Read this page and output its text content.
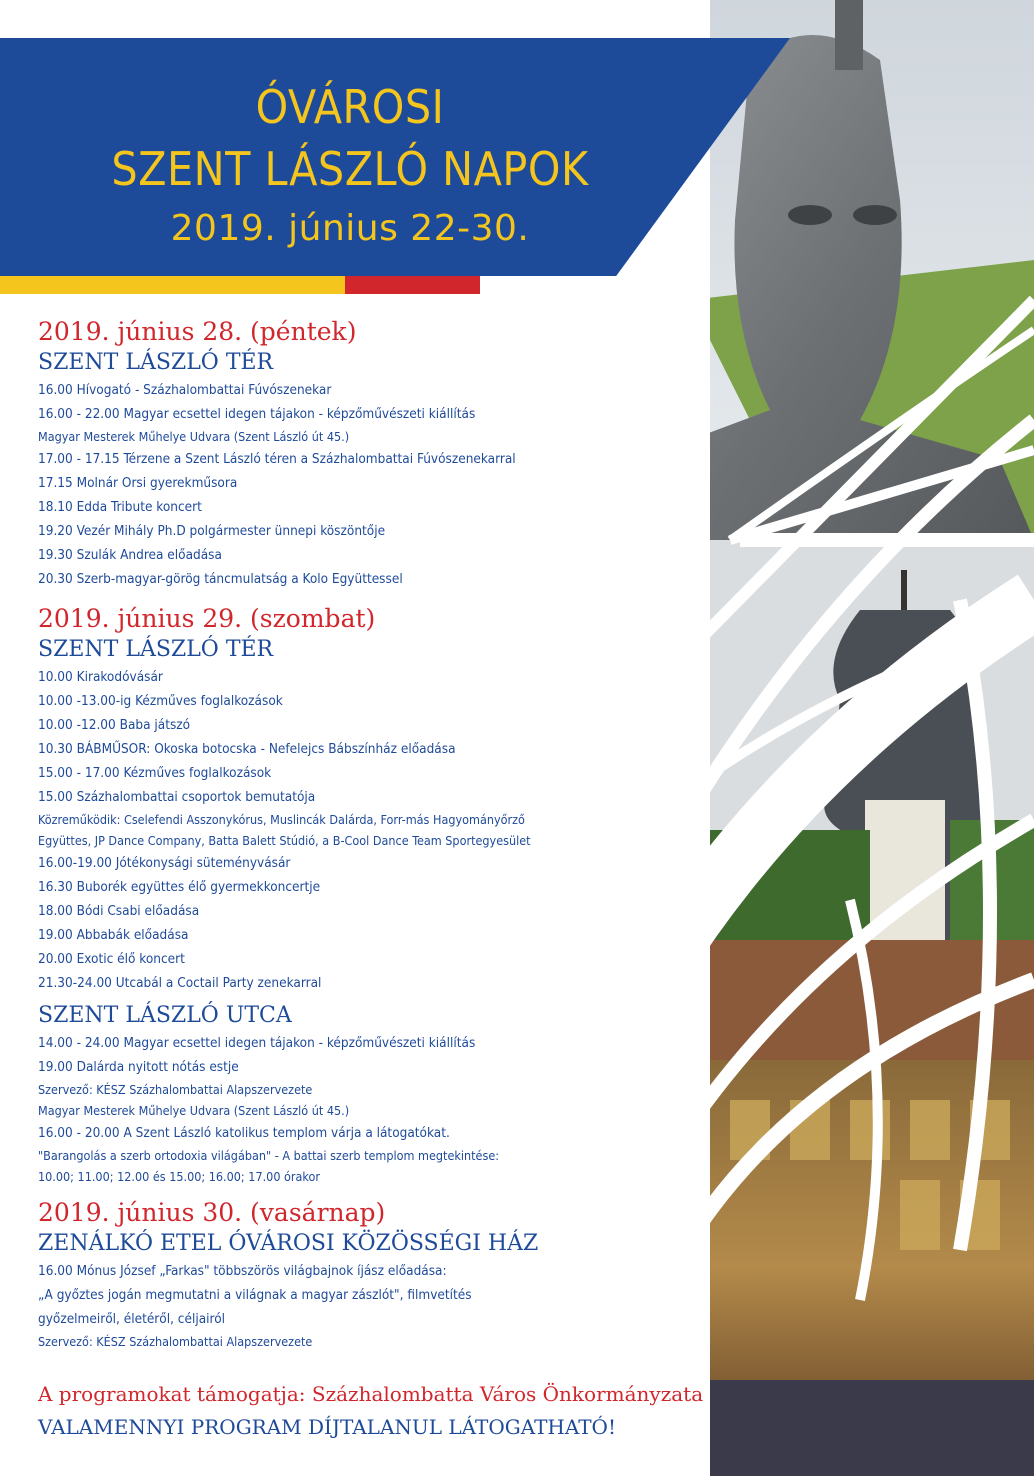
ÓVÁROSI
SZENT LÁSZLÓ NAPOK
2019. június 22-30.
2019. június 28. (péntek)
SZENT LÁSZLÓ TÉR
16.00 Hívogató - Százhalombattai Fúvószenekar
16.00 - 22.00 Magyar ecsettel idegen tájakon - képzőművészeti kiállítás
Magyar Mesterek Műhelye Udvara (Szent László út 45.)
17.00 - 17.15 Térzene a Szent László téren a Százhalombattai Fúvószenekarral
17.15 Molnár Orsi gyerekműsora
18.10 Edda Tribute koncert
19.20 Vezér Mihály Ph.D polgármester ünnepi köszöntője
19.30 Szulák Andrea előadása
20.30 Szerb-magyar-görög táncmulatság a Kolo Együttessel
2019. június 29. (szombat)
SZENT LÁSZLÓ TÉR
10.00 Kirakodóvásár
10.00 -13.00-ig Kézműves foglalkozások
10.00 -12.00 Baba játszó
10.30 BÁBMŰSOR: Okoska botocska - Nefelejcs Bábszínház előadása
15.00 - 17.00 Kézműves foglalkozások
15.00 Százhalombattai csoportok bemutatója
Közreműködik: Cselefendi Asszonykórus, Muslincák Dalárda, Forr-más Hagyományőrző
Együttes, JP Dance Company, Batta Balett Stúdió, a B-Cool Dance Team Sportegyesület
16.00-19.00 Jótékonysági süteményvásár
16.30 Buborék együttes élő gyermekkoncertje
18.00 Bódi Csabi előadása
19.00 Abbabák előadása
20.00 Exotic élő koncert
21.30-24.00 Utcabál a Coctail Party zenekarral
SZENT LÁSZLÓ UTCA
14.00 - 24.00 Magyar ecsettel idegen tájakon - képzőművészeti kiállítás
19.00 Dalárda nyitott nótás estje
Szervező: KÉSZ Százhalombattai Alapszervezete
Magyar Mesterek Műhelye Udvara (Szent László út 45.)
16.00 - 20.00 A Szent László katolikus templom várja a látogatókat.
"Barangolás a szerb ortodoxia világában" - A battai szerb templom megtekintése:
10.00; 11.00; 12.00 és 15.00; 16.00; 17.00 órakor
2019. június 30. (vasárnap)
ZENÁLKÓ ETEL ÓVÁROSI KÖZÖSSÉGI HÁZ
16.00 Mónus József „Farkas" többszörös világbajnok íjász előadása:
„A győztes jogán megmutatni a világnak a magyar zászlót", filmvetítés
győzelmeiről, életéről, céljairól
Szervező: KÉSZ Százhalombattai Alapszervezete
A programokat támogatja: Százhalombatta Város Önkormányzata
VALAMENNYI PROGRAM DÍJTALANUL LÁTOGATHATÓ!
